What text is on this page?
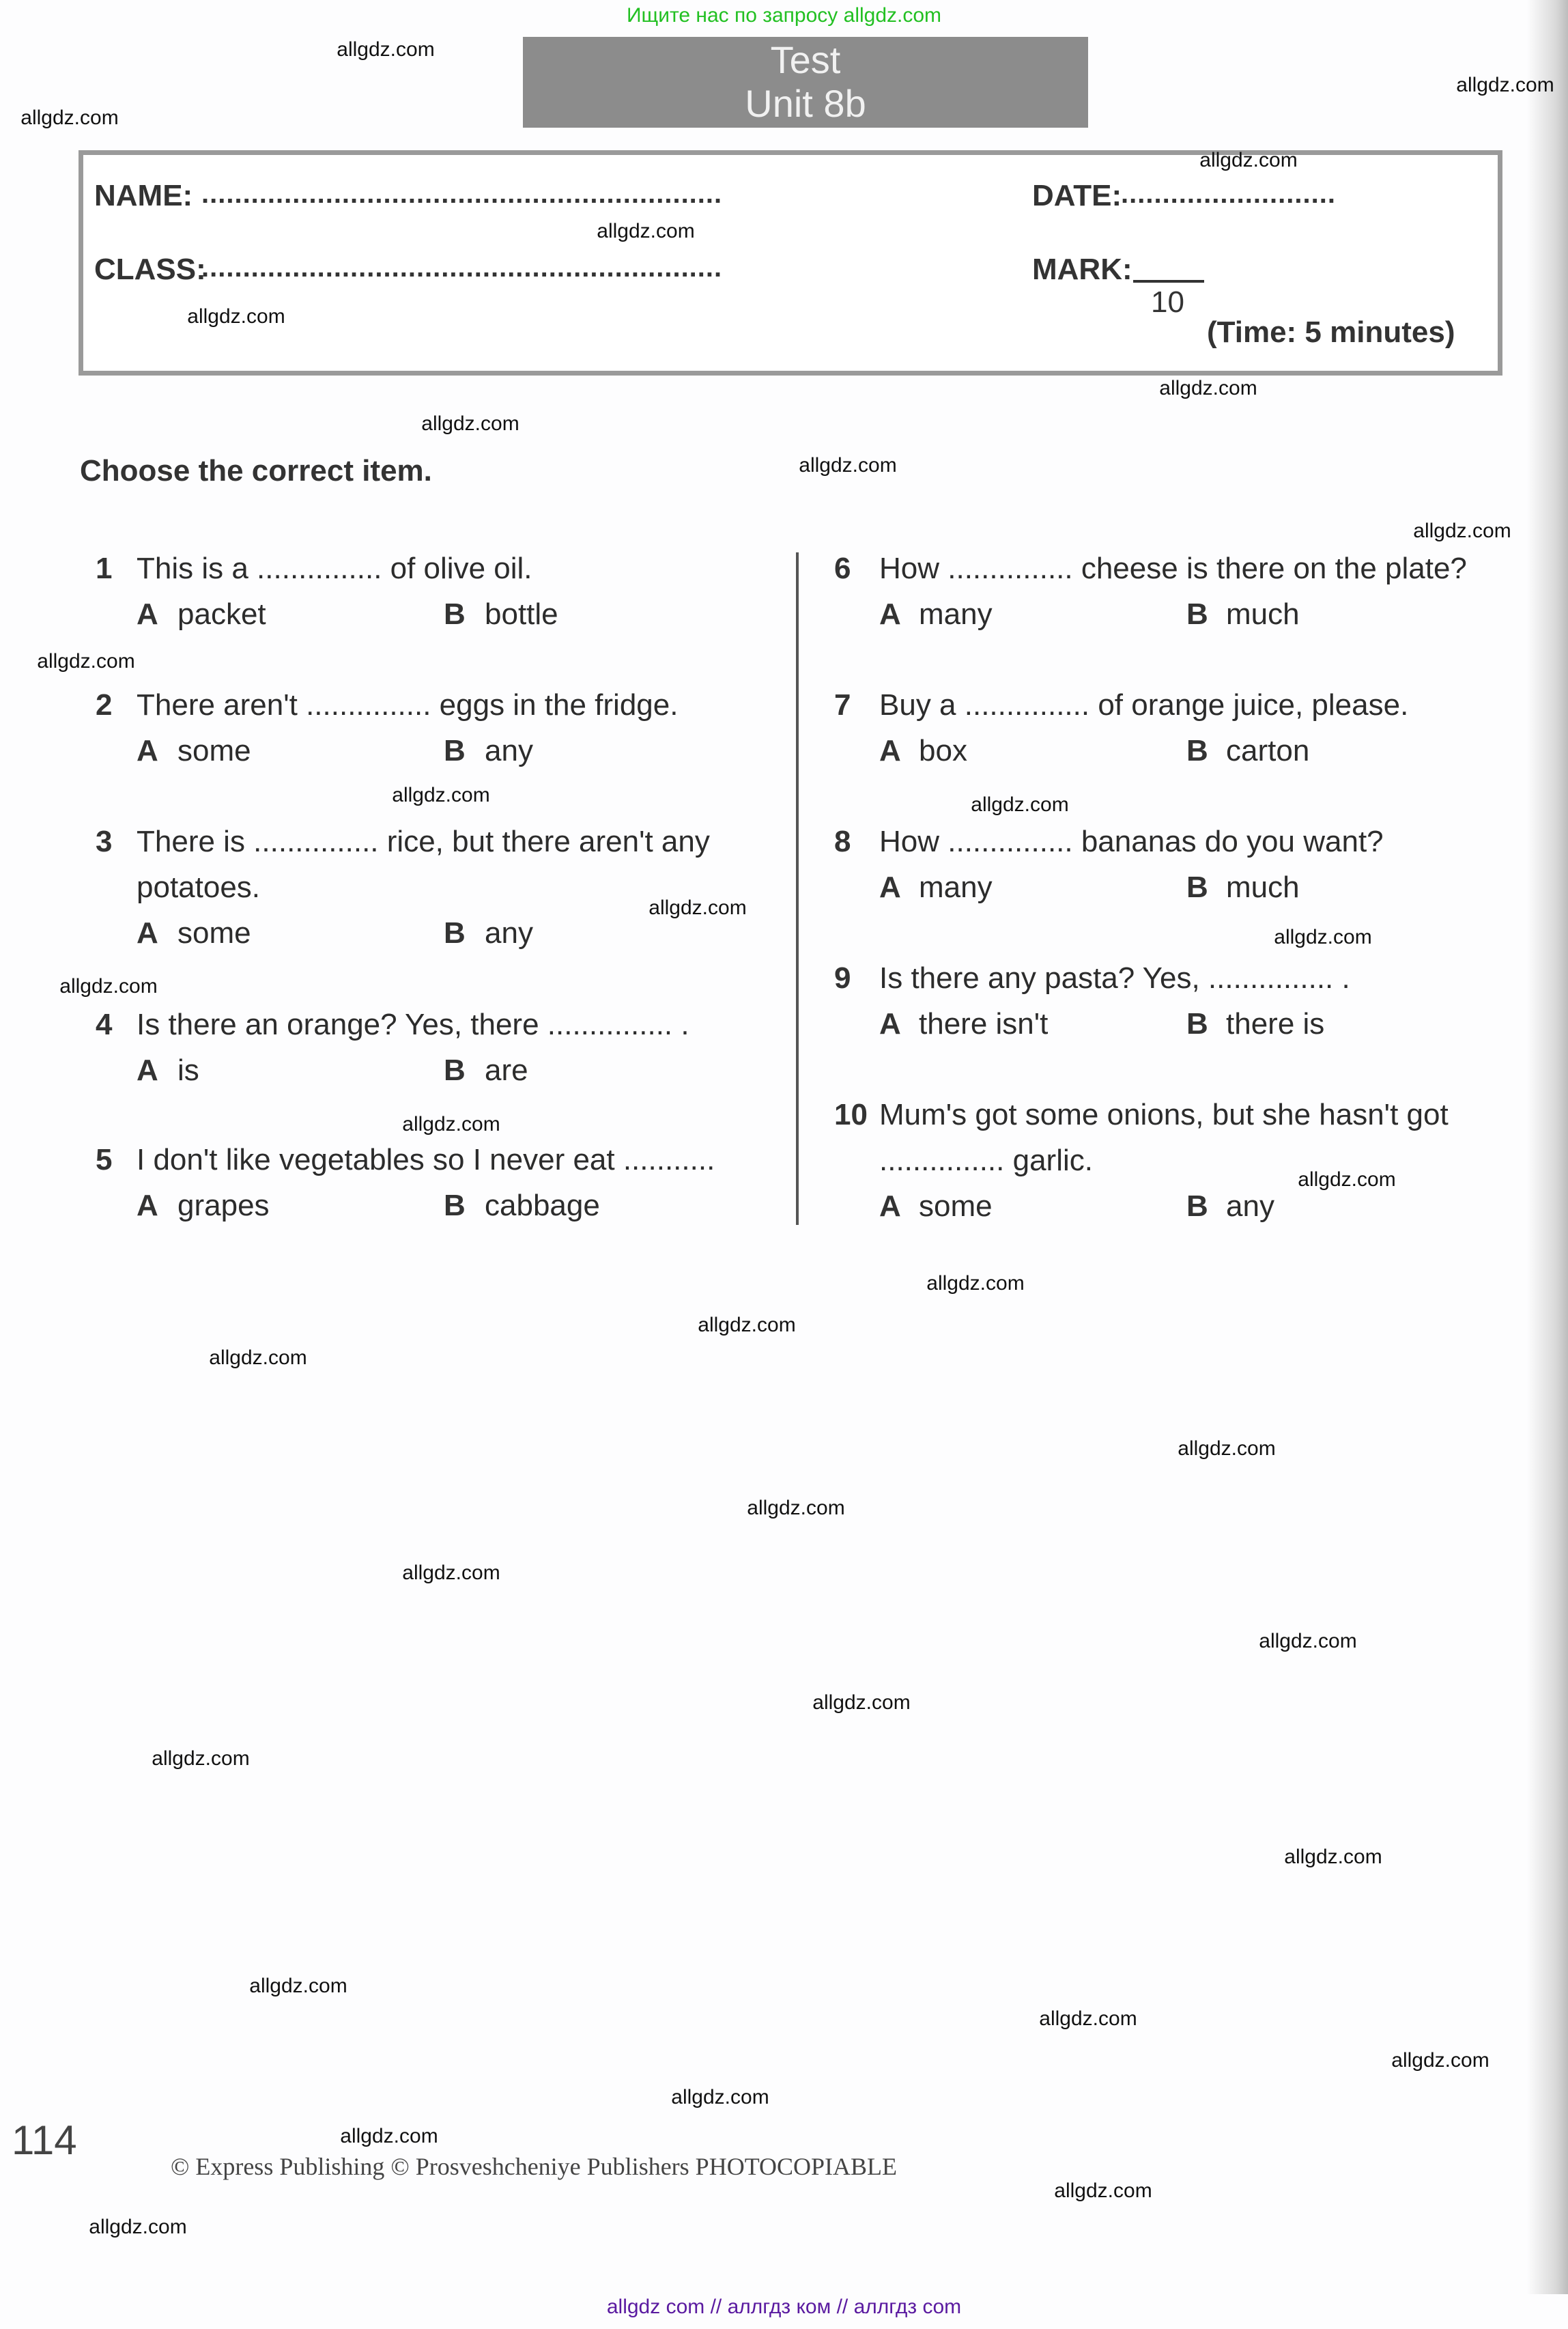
Ищите нас по запросу allgdz.com
Test
Unit 8b
NAME: ...............................................................
CLASS:
...............................................................
DATE:
..........................
MARK:
10
(Time: 5 minutes)
Choose the correct item.
1 This is a ............... of olive oil.
A packet	B bottle
2 There aren't ............... eggs in the fridge.
A some	B any
3 There is ............... rice, but there aren't any
potatoes.
A some	B any
4 Is there an orange? Yes, there ............... .
A is	B are
5 I don't like vegetables so I never eat ...........
A grapes	B cabbage
6 How ............... cheese is there on the plate?
A many	B much
7 Buy a ............... of orange juice, please.
A box	B carton
8 How ............... bananas do you want?
A many	B much
9 Is there any pasta? Yes, ............... .
A there isn't	B there is
10 Mum's got some onions, but she hasn't got
............... garlic.
A some	B any
allgdz.com
allgdz.com
allgdz.com
allgdz.com
allgdz.com
allgdz.com
allgdz.com
allgdz.com
allgdz.com
allgdz.com
allgdz.com
allgdz.com	allgdz.com
allgdz.com
allgdz.com
allgdz.com
allgdz.com
allgdz.com
allgdz.com
allgdz.com
allgdz.com
allgdz.com
allgdz.com
allgdz.com
allgdz.com
allgdz.com
allgdz.com
allgdz.com
allgdz.com
allgdz.com
allgdz.com
allgdz.com
allgdz.com
allgdz.com
allgdz.com
114
© Express Publishing © Prosveshcheniye Publishers PHOTOCOPIABLE
allgdz com // аллгдз ком // аллгдз com
